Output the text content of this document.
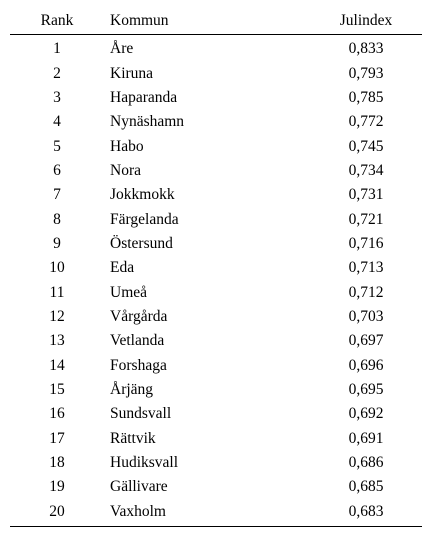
Rank	Kommun	Julindex
1	Åre	0,833
2	Kiruna	0,793
3	Haparanda	0,785
4	Nynäshamn	0,772
5	Habo	0,745
6	Nora	0,734
7	Jokkmokk	0,731
8	Färgelanda	0,721
9	Östersund	0,716
10	Eda	0,713
11	Umeå	0,712
12	Vårgårda	0,703
13	Vetlanda	0,697
14	Forshaga	0,696
15	Årjäng	0,695
16	Sundsvall	0,692
17	Rättvik	0,691
18	Hudiksvall	0,686
19	Gällivare	0,685
20	Vaxholm	0,683
